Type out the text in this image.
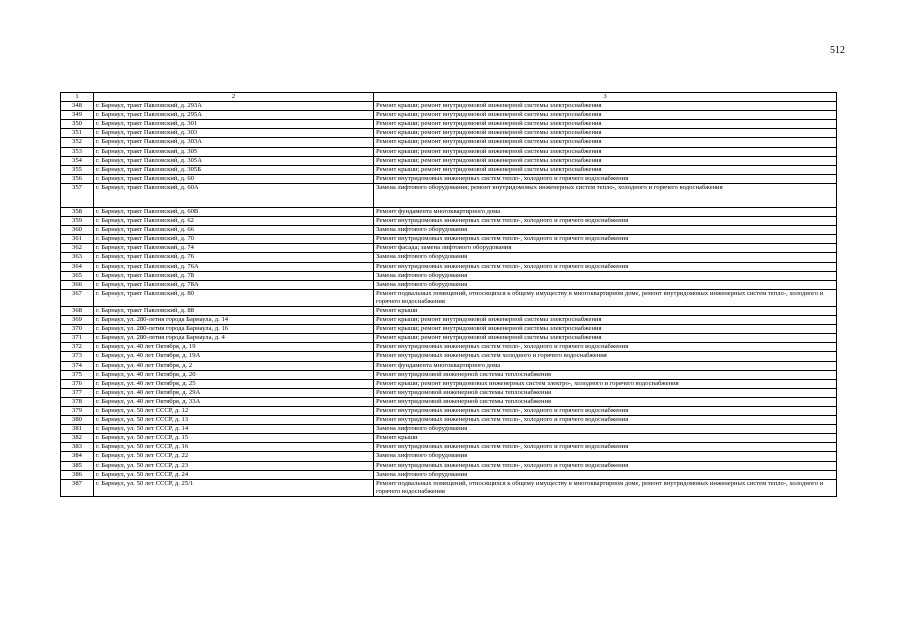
512
1	2	3
348	г. Барнаул, тракт Павловский, д. 293А	Ремонт крыши; ремонт внутридомовой инженерной системы электроснабжения
349	г. Барнаул, тракт Павловский, д. 295А	Ремонт крыши; ремонт внутридомовой инженерной системы электроснабжения
350	г. Барнаул, тракт Павловский, д. 301	Ремонт крыши; ремонт внутридомовой инженерной системы электроснабжения
351	г. Барнаул, тракт Павловский, д. 303	Ремонт крыши; ремонт внутридомовой инженерной системы электроснабжения
352	г. Барнаул, тракт Павловский, д. 303А	Ремонт крыши; ремонт внутридомовой инженерной системы электроснабжения
353	г. Барнаул, тракт Павловский, д. 305	Ремонт крыши; ремонт внутридомовой инженерной системы электроснабжения
354	г. Барнаул, тракт Павловский, д. 305А	Ремонт крыши; ремонт внутридомовой инженерной системы электроснабжения
355	г. Барнаул, тракт Павловский, д. 305Б	Ремонт крыши; ремонт внутридомовой инженерной системы электроснабжения
356	г. Барнаул, тракт Павловский, д. 60	Ремонт внутридомовых инженерных систем тепло-, холодного и горячего водоснабжения
357	г. Барнаул, тракт Павловский, д. 60А	Замена лифтового оборудования; ремонт внутридомовых инженерных систем тепло-, холодного и горячего водоснабжения
358	г. Барнаул, тракт Павловский, д. 60В	Ремонт фундамента многоквартирного дома
359	г. Барнаул, тракт Павловский, д. 62	Ремонт внутридомовых инженерных систем тепло-, холодного и горячего водоснабжения
360	г. Барнаул, тракт Павловский, д. 66	Замена лифтового оборудования
361	г. Барнаул, тракт Павловский, д. 70	Ремонт внутридомовых инженерных систем тепло-, холодного и горячего водоснабжения
362	г. Барнаул, тракт Павловский, д. 74	Ремонт фасада; замена лифтового оборудования
363	г. Барнаул, тракт Павловский, д. 76	Замена лифтового оборудования
364	г. Барнаул, тракт Павловский, д. 76А	Ремонт внутридомовых инженерных систем тепло-, холодного и горячего водоснабжения
365	г. Барнаул, тракт Павловский, д. 78	Замена лифтового оборудования
366	г. Барнаул, тракт Павловский, д. 78А	Замена лифтового оборудования
367	г. Барнаул, тракт Павловский, д. 80	Ремонт подвальных помещений, относящихся к общему имуществу в многоквартирном доме, ремонт внутридомовых инженерных систем тепло-, холодного и горячего водоснабжения
368	г. Барнаул, тракт Павловский, д. 88	Ремонт крыши
369	г. Барнаул, ул. 280-летия города Барнаула, д. 14	Ремонт крыши; ремонт внутридомовой инженерной системы электроснабжения
370	г. Барнаул, ул. 280-летия города Барнаула, д. 16	Ремонт крыши; ремонт внутридомовой инженерной системы электроснабжения
371	г. Барнаул, ул. 280-летия города Барнаула, д. 4	Ремонт крыши; ремонт внутридомовой инженерной системы электроснабжения
372	г. Барнаул, ул. 40 лет Октября, д. 19	Ремонт внутридомовых инженерных систем тепло-, холодного и горячего водоснабжения
373	г. Барнаул, ул. 40 лет Октября, д. 19А	Ремонт внутридомовых инженерных систем холодного и горячего водоснабжения
374	г. Барнаул, ул. 40 лет Октября, д. 2	Ремонт фундамента многоквартирного дома
375	г. Барнаул, ул. 40 лет Октября, д. 20	Ремонт внутридомовой инженерной системы теплоснабжения
376	г. Барнаул, ул. 40 лет Октября, д. 25	Ремонт крыши; ремонт внутридомовых инженерных систем электро-, холодного и горячего водоснабжения
377	г. Барнаул, ул. 40 лет Октября, д. 29А	Ремонт внутридомовой инженерной системы теплоснабжения
378	г. Барнаул, ул. 40 лет Октября, д. 33А	Ремонт внутридомовой инженерной системы теплоснабжения
379	г. Барнаул, ул. 50 лет СССР, д. 12	Ремонт внутридомовых инженерных систем тепло-, холодного и горячего водоснабжения
380	г. Барнаул, ул. 50 лет СССР, д. 13	Ремонт внутридомовых инженерных систем тепло-, холодного и горячего водоснабжения
381	г. Барнаул, ул. 50 лет СССР, д. 14	Замена лифтового оборудования
382	г. Барнаул, ул. 50 лет СССР, д. 15	Ремонт крыши
383	г. Барнаул, ул. 50 лет СССР, д. 16	Ремонт внутридомовых инженерных систем тепло-, холодного и горячего водоснабжения
384	г. Барнаул, ул. 50 лет СССР, д. 22	Замена лифтового оборудования
385	г. Барнаул, ул. 50 лет СССР, д. 23	Ремонт внутридомовых инженерных систем тепло-, холодного и горячего водоснабжения
386	г. Барнаул, ул. 50 лет СССР, д. 24	Замена лифтового оборудования
387	г. Барнаул, ул. 50 лет СССР, д. 25/1	Ремонт подвальных помещений, относящихся к общему имуществу в многоквартирном доме, ремонт внутридомовых инженерных систем тепло-, холодного и горячего водоснабжения
